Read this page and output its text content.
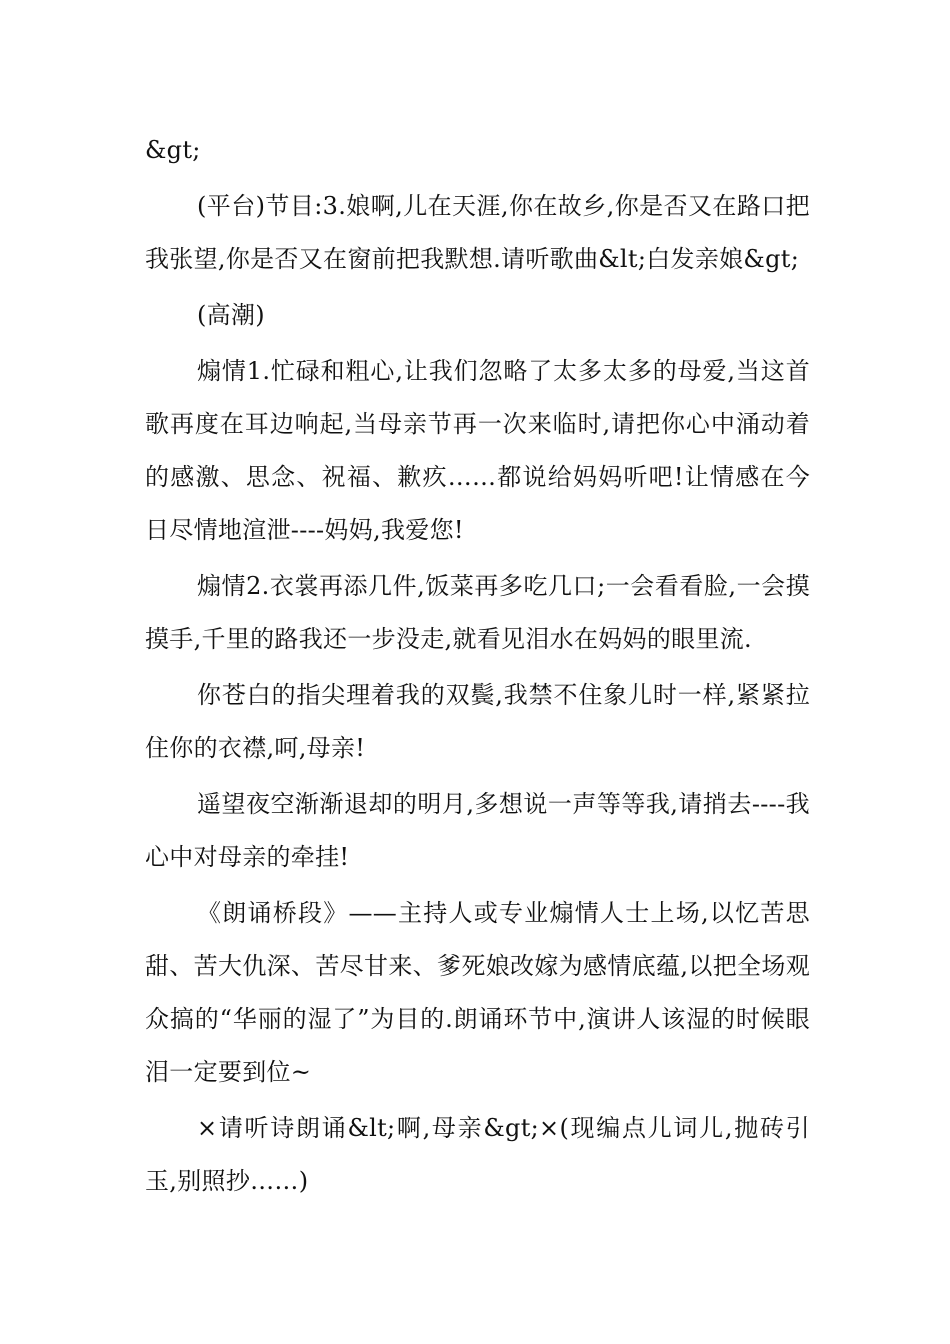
&gt;

(平台)节目:3.娘啊,儿在天涯,你在故乡,你是否又在路口把我张望,你是否又在窗前把我默想.请听歌曲&lt;白发亲娘&gt;

(高潮)

煽情1.忙碌和粗心,让我们忽略了太多太多的母爱,当这首歌再度在耳边响起,当母亲节再一次来临时,请把你心中涌动着的感激、思念、祝福、歉疚……都说给妈妈听吧!让情感在今日尽情地渲泄----妈妈,我爱您!

煽情2.衣裳再添几件,饭菜再多吃几口;一会看看脸,一会摸摸手,千里的路我还一步没走,就看见泪水在妈妈的眼里流.

你苍白的指尖理着我的双鬓,我禁不住象儿时一样,紧紧拉住你的衣襟,呵,母亲!

遥望夜空渐渐退却的明月,多想说一声等等我,请捎去----我心中对母亲的牵挂!

《朗诵桥段》——主持人或专业煽情人士上场,以忆苦思甜、苦大仇深、苦尽甘来、爹死娘改嫁为感情底蕴,以把全场观众搞的“华丽的湿了”为目的.朗诵环节中,演讲人该湿的时候眼泪一定要到位~

×请听诗朗诵&lt;啊,母亲&gt;×(现编点儿词儿,抛砖引玉,别照抄……)
